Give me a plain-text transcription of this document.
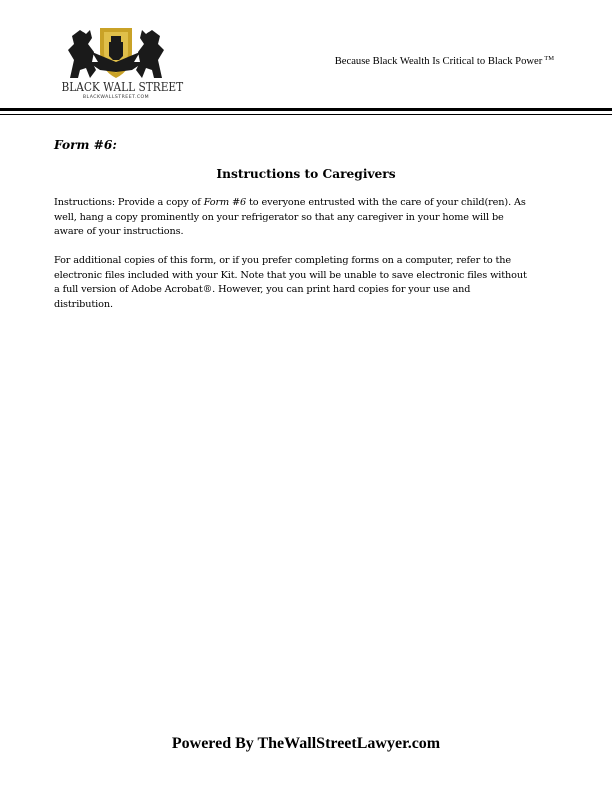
BLACK WALL STREET
BLACKWALLSTREET.COM
Because Black Wealth Is Critical to Black Power ™
Form #6:
Instructions to Caregivers
Instructions: Provide a copy of Form #6 to everyone entrusted with the care of your child(ren). As
well, hang a copy prominently on your refrigerator so that any caregiver in your home will be
aware of your instructions.
For additional copies of this form, or if you prefer completing forms on a computer, refer to the
electronic files included with your Kit. Note that you will be unable to save electronic files without
a full version of Adobe Acrobat®. However, you can print hard copies for your use and
distribution.
Powered By TheWallStreetLawyer.com
